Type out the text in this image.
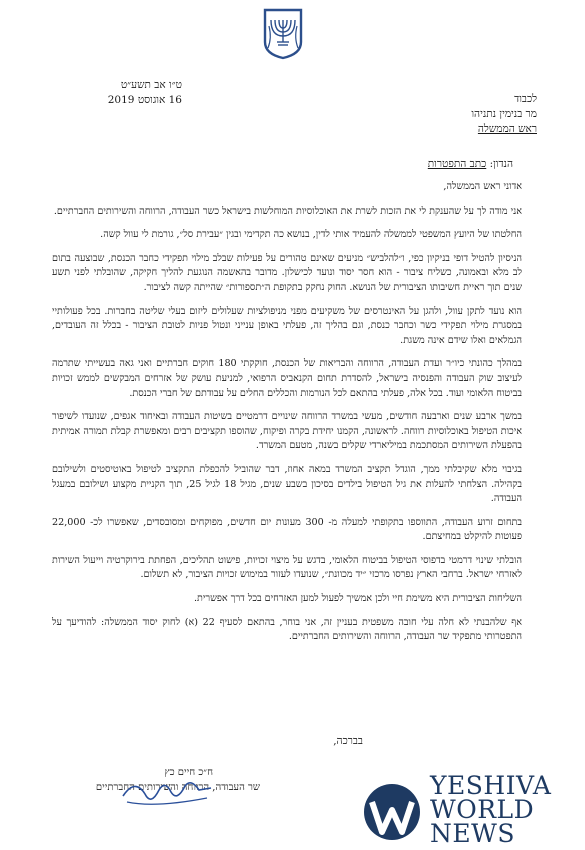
ט״ו אב תשע״ט
16 אוגוסט 2019	לכבוד
מר בנימין נתניהו
ראש הממשלה
הנדון: כתב התפטרות

אדוני ראש הממשלה,

אני מודה לך על שהענקת לי את הזכות לשרת את האוכלוסיות המוחלשות בישראל כשר העבודה, הרווחה והשירותים החברתיים.

החלטתו של היועץ המשפטי לממשלה להעמיד אותי לדין, בנושא כה תקדימי ובגין ״עבירת סל״, גורמת לי עוול קשה.

הניסיון להטיל דופי בניקיון כפי, ו״להלביש״ מניעים שאינם טהורים על פעילות שבלב מילוי תפקידי כחבר הכנסת, שבוצעה בתום לב מלא ובאמונה, כשליח ציבור - הוא חסר יסוד ונועד לכישלון. מדובר בהאשמה הנוגעת להליך חקיקה, שהובלתי לפני תשע שנים תוך ראיית חשיבותו הציבורית של הנושא. החוק נחקק בתקופת ה״תספורות״ שהייתה קשה לציבור.

הוא נועד לתקן עוול, ולהגן על האינטרסים של משקיעים מפני מניפולציות שעלולים ליזום בעלי שליטה בחברות. בכל פעולותיי במסגרת מילוי תפקידי כשר וכחבר כנסת, וגם בהליך זה, פעלתי באופן ענייני ונטול פניות לטובת הציבור - בכלל זה העובדים, הגמלאים ואלו שידם אינה משגת.

במהלך כהונתי כיו״ר ועדת העבודה, הרווחה והבריאות של הכנסת, חוקקתי 180 חוקים חברתיים ואני גאה בעשייתי שתרמה לעיצוב שוק העבודה והפנסיה בישראל, להסדרת תחום הקנאביס הרפואי, למניעת עושק של אזרחים המבקשים לממש זכויות בביטוח הלאומי ועוד. בכל אלה, פעלתי בהתאם לכל הנורמות והכללים החלים על עבודתם של חברי הכנסת.

במשך ארבע שנים וארבעה חודשים, מעשי במשרד הרווחה שינויים דרמטיים בשיטות העבודה ובאיחוד אגפים, שנועדו לשיפור איכות הטיפול באוכלוסיות רווחה. לראשונה, הקמנו יחידת בקרה ופיקוח, שהוספו תקציבים רבים ומאפשרת קבלת תמורה אמיתית בהפעלת השירותים המסתכמת במיליארדי שקלים בשנה, מטעם המשרד.

בגיבוי מלא שקיבלתי ממך, הוגדל תקציב המשרד במאה אחוז, דבר שהוביל להכפלת התקציב לטיפול באוטיסטים ולשילובם בקהילה. הצלחתי להעלות את גיל הטיפול בילדים בסיכון בשבע שנים, מגיל 18 לגיל 25, תוך הקניית מקצוע ושילובם במעגל העבודה.

בתחום זרוע העבודה, התווספו בתקופתי למעלה מ- 300 מעונות יום חדשים, מפוקחים ומסובסדים, שאפשרו לכ- 22,000 פעוטות להיקלט במחיצתם.

הובלתי שינוי דרמטי בדפוסי הטיפול בביטוח הלאומי, בדגש על מיצוי זכויות, פישוט תהליכים, הפחתת בירוקרטיה וייעול השירות לאזרחי ישראל. ברחבי הארץ נפרסו מרכזי ״יד מכוונת״, שנועדו לעזור במימוש זכויות הציבור, לא תשלום.

השליחות הציבורית היא משימת חיי ולכן אמשיך לפעול למען האזרחים בכל דרך אפשרית.

אף שלהבנתי לא חלה עלי חובה משפטית בעניין זה, אני בוחר, בהתאם לסעיף 22 (א) לחוק יסוד הממשלה: להודיעך על התפטרותי מתפקיד שר העבודה, הרווחה והשירותים החברתיים.

בברכה,
ח״כ חיים כץ
שר העבודה, הרווחה והשירותים החברתיים	YESHIVA
WORLD
NEWS
